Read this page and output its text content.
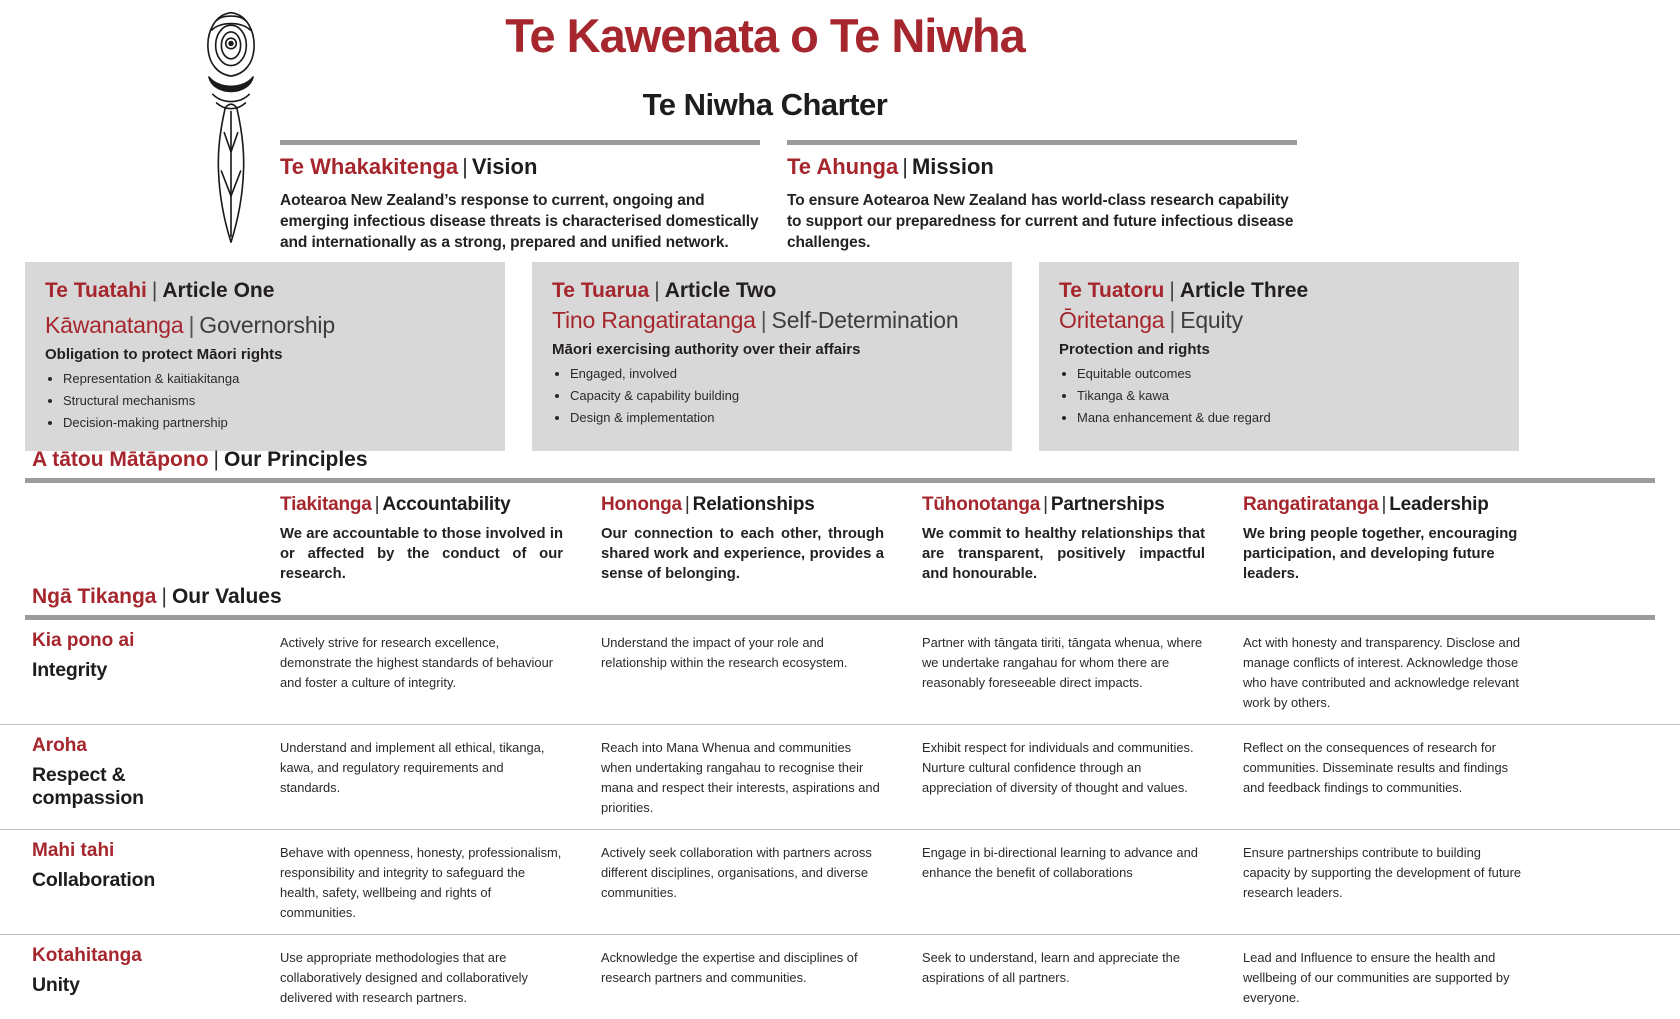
Te Kawenata o Te Niwha
Te Niwha Charter
Te Whakakitenga | Vision
Aotearoa New Zealand’s response to current, ongoing and emerging infectious disease threats is characterised domestically and internationally as a strong, prepared and unified network.
Te Ahunga | Mission
To ensure Aotearoa New Zealand has world-class research capability to support our preparedness for current and future infectious disease challenges.
Te Tuatahi | Article One
Kāwanatanga | Governorship
Obligation to protect Māori rights
• Representation & kaitiakitanga
• Structural mechanisms
• Decision-making partnership
Te Tuarua | Article Two
Tino Rangatiratanga | Self-Determination
Māori exercising authority over their affairs
• Engaged, involved
• Capacity & capability building
• Design & implementation
Te Tuatoru | Article Three
Ōritetanga | Equity
Protection and rights
• Equitable outcomes
• Tikanga & kawa
• Mana enhancement & due regard
A tātou Mātāpono | Our Principles
Tiakitanga | Accountability
We are accountable to those involved in or affected by the conduct of our research.
Hononga | Relationships
Our connection to each other, through shared work and experience, provides a sense of belonging.
Tūhonotanga | Partnerships
We commit to healthy relationships that are transparent, positively impactful and honourable.
Rangatiratanga | Leadership
We bring people together, encouraging participation, and developing future leaders.
Ngā Tikanga | Our Values
Kia pono ai
Integrity
Actively strive for research excellence, demonstrate the highest standards of behaviour and foster a culture of integrity.
Understand the impact of your role and relationship within the research ecosystem.
Partner with tāngata tiriti, tāngata whenua, where we undertake rangahau for whom there are reasonably foreseeable direct impacts.
Act with honesty and transparency. Disclose and manage conflicts of interest. Acknowledge those who have contributed and acknowledge relevant work by others.
Aroha
Respect & compassion
Understand and implement all ethical, tikanga, kawa, and regulatory requirements and standards.
Reach into Mana Whenua and communities when undertaking rangahau to recognise their mana and respect their interests, aspirations and priorities.
Exhibit respect for individuals and communities. Nurture cultural confidence through an appreciation of diversity of thought and values.
Reflect on the consequences of research for communities. Disseminate results and findings and feedback findings to communities.
Mahi tahi
Collaboration
Behave with openness, honesty, professionalism, responsibility and integrity to safeguard the health, safety, wellbeing and rights of communities.
Actively seek collaboration with partners across different disciplines, organisations, and diverse communities.
Engage in bi-directional learning to advance and enhance the benefit of collaborations
Ensure partnerships contribute to building capacity by supporting the development of future research leaders.
Kotahitanga
Unity
Use appropriate methodologies that are collaboratively designed and collaboratively delivered with research partners.
Acknowledge the expertise and disciplines of research partners and communities.
Seek to understand, learn and appreciate the aspirations of all partners.
Lead and Influence to ensure the health and wellbeing of our communities are supported by everyone.
